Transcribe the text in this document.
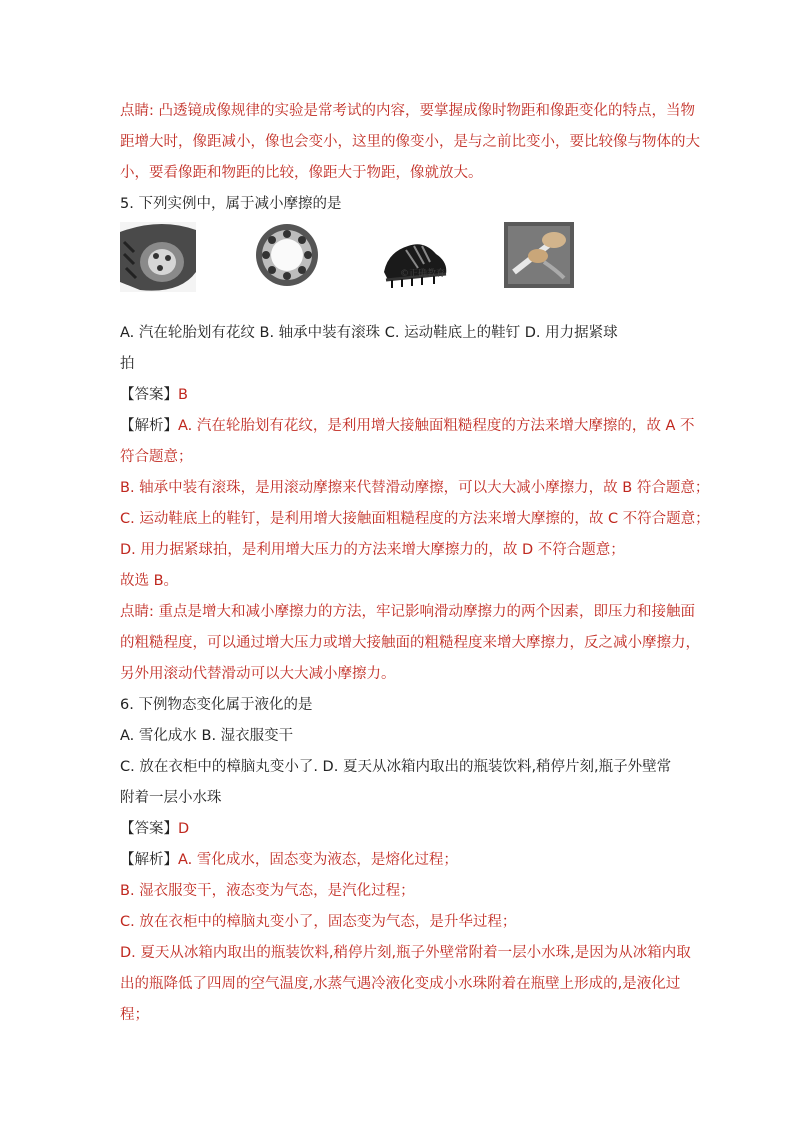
点睛: 凸透镜成像规律的实验是常考试的内容，要掌握成像时物距和像距变化的特点，当物
距增大时，像距减小，像也会变小，这里的像变小，是与之前比变小，要比较像与物体的大
小，要看像距和物距的比较，像距大于物距，像就放大。
5. 下列实例中，属于减小摩擦的是
©正确教育
A. 汽在轮胎划有花纹 B. 轴承中装有滚珠 C. 运动鞋底上的鞋钉 D. 用力据紧球
拍
【答案】B
【解析】A. 汽在轮胎划有花纹，是利用增大接触面粗糙程度的方法来增大摩擦的，故 A 不
符合题意；
B. 轴承中装有滚珠，是用滚动摩擦来代替滑动摩擦，可以大大减小摩擦力，故 B 符合题意；
C. 运动鞋底上的鞋钉，是利用增大接触面粗糙程度的方法来增大摩擦的，故 C 不符合题意；
D. 用力据紧球拍，是利用增大压力的方法来增大摩擦力的，故 D 不符合题意；
故选 B。
点睛: 重点是增大和减小摩擦力的方法，牢记影响滑动摩擦力的两个因素，即压力和接触面
的粗糙程度，可以通过增大压力或增大接触面的粗糙程度来增大摩擦力，反之减小摩擦力，
另外用滚动代替滑动可以大大减小摩擦力。
6. 下例物态变化属于液化的是
A. 雪化成水 B. 湿衣服变干
C. 放在衣柜中的樟脑丸变小了. D. 夏天从冰箱内取出的瓶装饮料,稍停片刻,瓶子外壁常
附着一层小水珠
【答案】D
【解析】A. 雪化成水，固态变为液态，是熔化过程；
B. 湿衣服变干，液态变为气态，是汽化过程；
C. 放在衣柜中的樟脑丸变小了，固态变为气态，是升华过程；
D. 夏天从冰箱内取出的瓶装饮料,稍停片刻,瓶子外壁常附着一层小水珠,是因为从冰箱内取
出的瓶降低了四周的空气温度,水蒸气遇冷液化变成小水珠附着在瓶壁上形成的,是液化过
程；
